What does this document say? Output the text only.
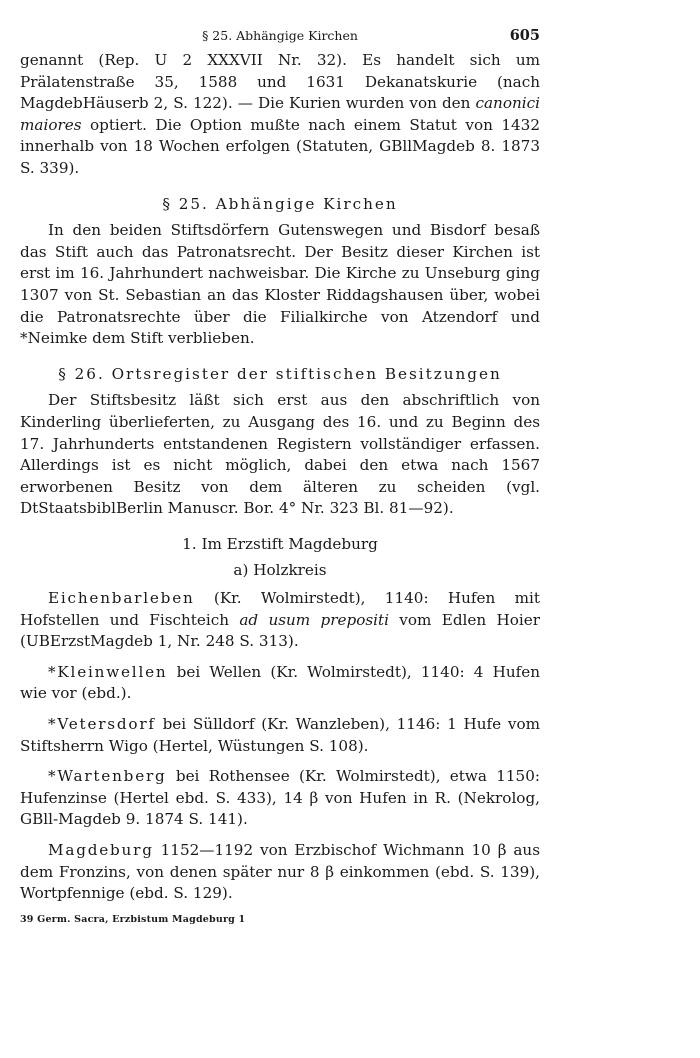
§ 25. Abhängige Kirchen	605

genannt (Rep. U 2 XXXVII Nr. 32). Es handelt sich um Prälatenstraße 35, 1588 und 1631 Dekanatskurie (nach MagdebHäuserb 2, S. 122). — Die Kurien wurden von den canonici maiores optiert. Die Option mußte nach einem Statut von 1432 innerhalb von 18 Wochen erfolgen (Statuten, GBllMagdeb 8. 1873 S. 339).

§ 25. Abhängige Kirchen

In den beiden Stiftsdörfern Gutenswegen und Bisdorf besaß das Stift auch das Patronatsrecht. Der Besitz dieser Kirchen ist erst im 16. Jahrhundert nachweisbar. Die Kirche zu Unseburg ging 1307 von St. Sebastian an das Kloster Riddagshausen über, wobei die Patronatsrechte über die Filialkirche von Atzendorf und *Neimke dem Stift verblieben.

§ 26. Ortsregister der stiftischen Besitzungen

Der Stiftsbesitz läßt sich erst aus den abschriftlich von Kinderling überlieferten, zu Ausgang des 16. und zu Beginn des 17. Jahrhunderts entstandenen Registern vollständiger erfassen. Allerdings ist es nicht möglich, dabei den etwa nach 1567 erworbenen Besitz von dem älteren zu scheiden (vgl. DtStaatsbiblBerlin Manuscr. Bor. 4° Nr. 323 Bl. 81—92).

1. Im Erzstift Magdeburg
a) Holzkreis

Eichenbarleben (Kr. Wolmirstedt), 1140: Hufen mit Hofstellen und Fischteich ad usum prepositi vom Edlen Hoier (UBErzstMagdeb 1, Nr. 248 S. 313).

*Kleinwellen bei Wellen (Kr. Wolmirstedt), 1140: 4 Hufen wie vor (ebd.).

*Vetersdorf bei Sülldorf (Kr. Wanzleben), 1146: 1 Hufe vom Stiftsherrn Wigo (Hertel, Wüstungen S. 108).

*Wartenberg bei Rothensee (Kr. Wolmirstedt), etwa 1150: Hufenzinse (Hertel ebd. S. 433), 14 β von Hufen in R. (Nekrolog, GBll-Magdeb 9. 1874 S. 141).

Magdeburg 1152—1192 von Erzbischof Wichmann 10 β aus dem Fronzins, von denen später nur 8 β einkommen (ebd. S. 139), Wortpfennige (ebd. S. 129).

39 Germ. Sacra, Erzbistum Magdeburg 1
